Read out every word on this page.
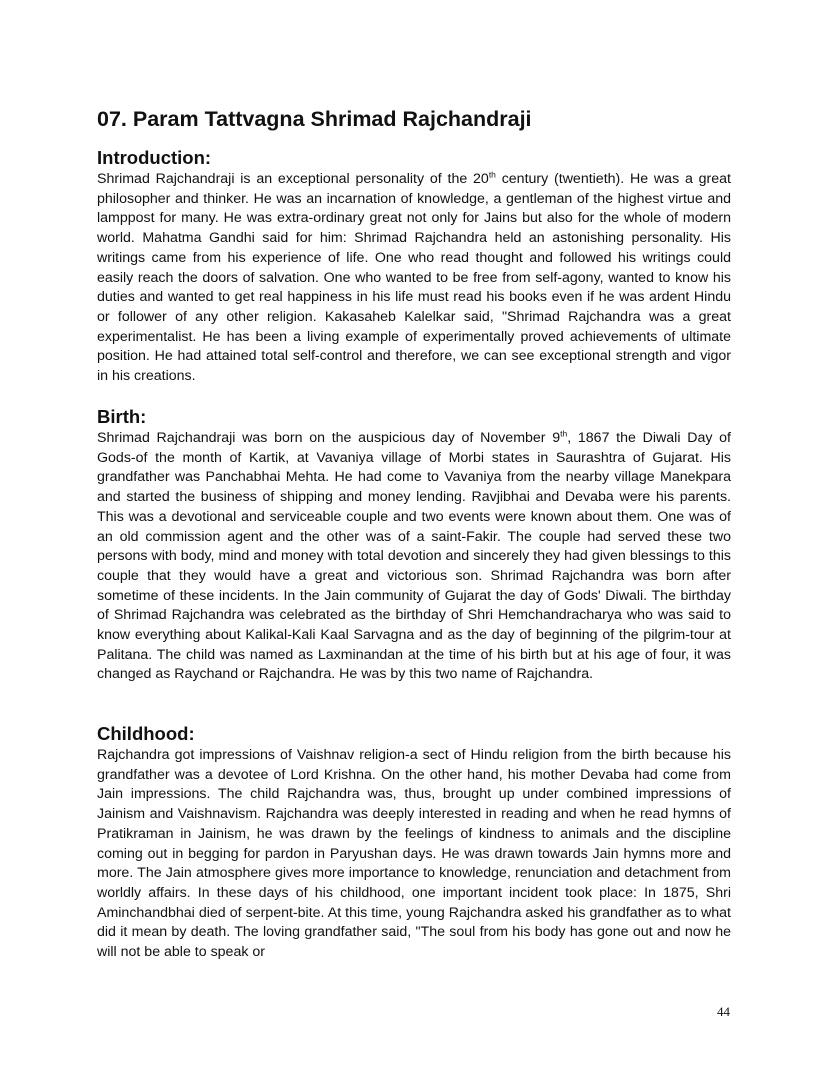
07. Param Tattvagna Shrimad Rajchandraji
Introduction:

Shrimad Rajchandraji is an exceptional personality of the 20th century (twentieth). He was a great philosopher and thinker. He was an incarnation of knowledge, a gentleman of the highest virtue and lamppost for many. He was extra-ordinary great not only for Jains but also for the whole of modern world. Mahatma Gandhi said for him: Shrimad Rajchandra held an astonishing personality. His writings came from his experience of life. One who read thought and followed his writings could easily reach the doors of salvation. One who wanted to be free from self-agony, wanted to know his duties and wanted to get real happiness in his life must read his books even if he was ardent Hindu or follower of any other religion. Kakasaheb Kalelkar said, "Shrimad Rajchandra was a great experimentalist. He has been a living example of experimentally proved achievements of ultimate position. He had attained total self-control and therefore, we can see exceptional strength and vigor in his creations.

Birth:

Shrimad Rajchandraji was born on the auspicious day of November 9th, 1867 the Diwali Day of Gods-of the month of Kartik, at Vavaniya village of Morbi states in Saurashtra of Gujarat. His grandfather was Panchabhai Mehta. He had come to Vavaniya from the nearby village Manekpara and started the business of shipping and money lending. Ravjibhai and Devaba were his parents. This was a devotional and serviceable couple and two events were known about them. One was of an old commission agent and the other was of a saint-Fakir. The couple had served these two persons with body, mind and money with total devotion and sincerely they had given blessings to this couple that they would have a great and victorious son. Shrimad Rajchandra was born after sometime of these incidents. In the Jain community of Gujarat the day of Gods' Diwali. The birthday of Shrimad Rajchandra was celebrated as the birthday of Shri Hemchandracharya who was said to know everything about Kalikal-Kali Kaal Sarvagna and as the day of beginning of the pilgrim-tour at Palitana. The child was named as Laxminandan at the time of his birth but at his age of four, it was changed as Raychand or Rajchandra. He was by this two name of Rajchandra.

Childhood:

Rajchandra got impressions of Vaishnav religion-a sect of Hindu religion from the birth because his grandfather was a devotee of Lord Krishna. On the other hand, his mother Devaba had come from Jain impressions. The child Rajchandra was, thus, brought up under combined impressions of Jainism and Vaishnavism. Rajchandra was deeply interested in reading and when he read hymns of Pratikraman in Jainism, he was drawn by the feelings of kindness to animals and the discipline coming out in begging for pardon in Paryushan days. He was drawn towards Jain hymns more and more. The Jain atmosphere gives more importance to knowledge, renunciation and detachment from worldly affairs. In these days of his childhood, one important incident took place: In 1875, Shri Aminchandbhai died of serpent-bite. At this time, young Rajchandra asked his grandfather as to what did it mean by death. The loving grandfather said, "The soul from his body has gone out and now he will not be able to speak or

44
